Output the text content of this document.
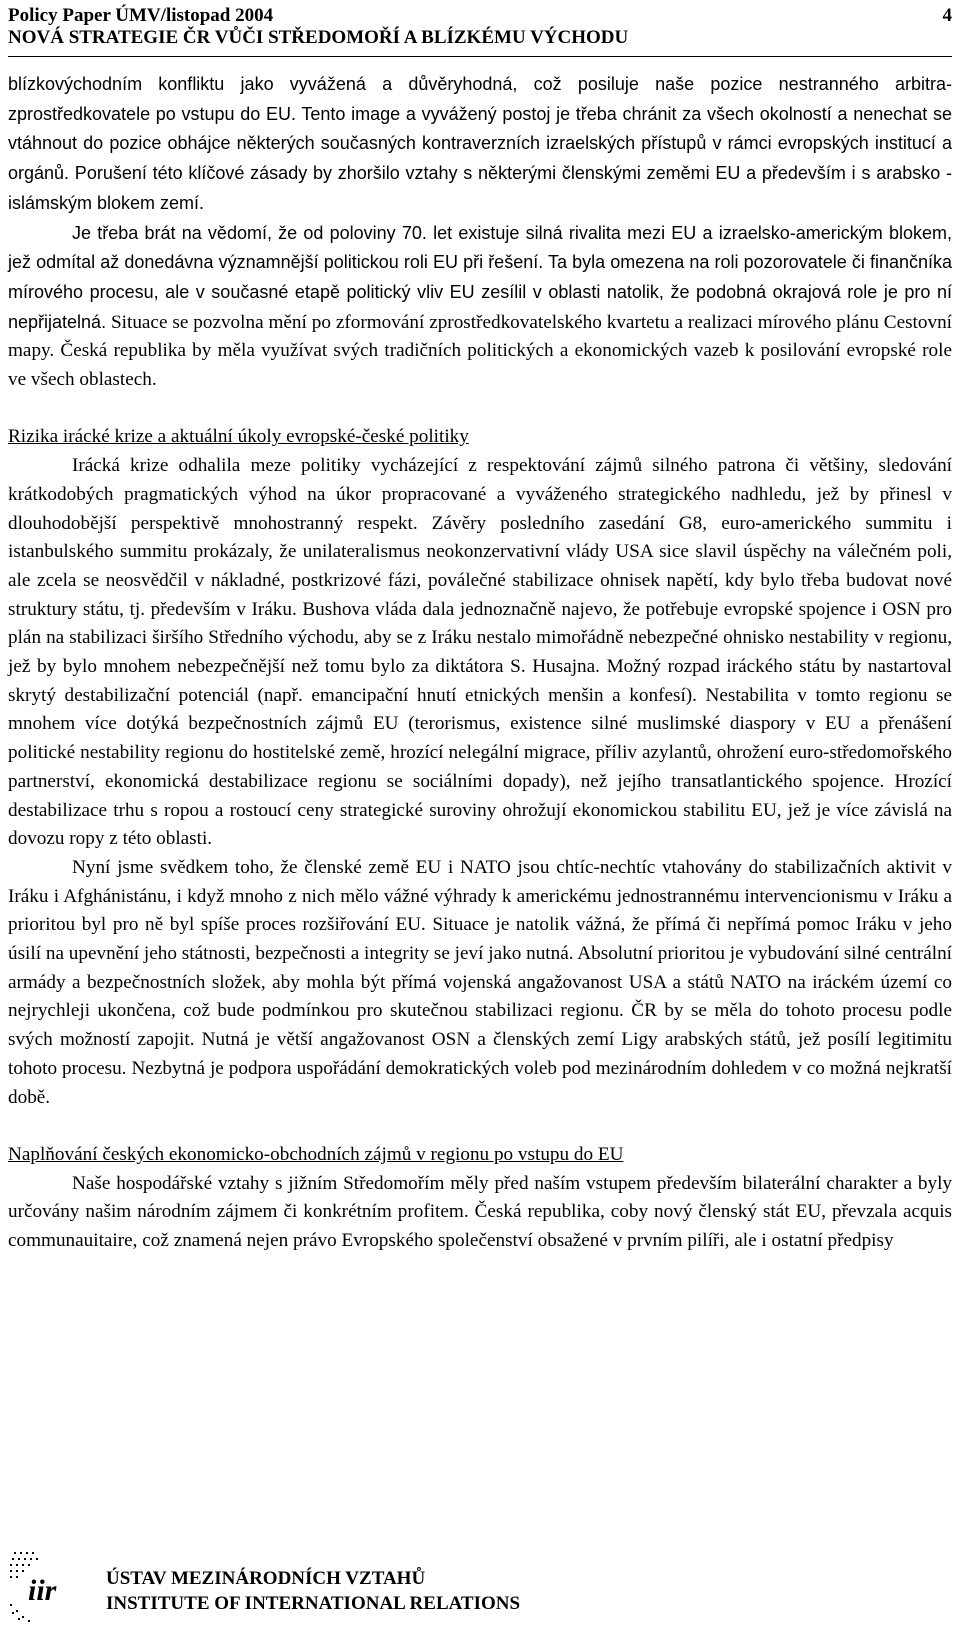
Policy Paper ÚMV/listopad 2004	4
NOVÁ STRATEGIE ČR VŮČI STŘEDOMOŘÍ A BLÍZKÉMU VÝCHODU

blízkovýchodním konfliktu jako vyvážená a důvěryhodná, což posiluje naše pozice nestranného arbitra-zprostředkovatele po vstupu do EU. Tento image a vyvážený postoj je třeba chránit za všech okolností a nenechat se vtáhnout do pozice obhájce některých současných kontraverzních izraelských přístupů v rámci evropských institucí a orgánů. Porušení této klíčové zásady by zhoršilo vztahy s některými členskými zeměmi EU a především i s arabsko - islámským blokem zemí.

Je třeba brát na vědomí, že od poloviny 70. let existuje silná rivalita mezi EU a izraelsko-americkým blokem, jež odmítal až donedávna významnější politickou roli EU při řešení. Ta byla omezena na roli pozorovatele či finančníka mírového procesu, ale v současné etapě politický vliv EU zesílil v oblasti natolik, že podobná okrajová role je pro ní nepřijatelná. Situace se pozvolna mění po zformování zprostředkovatelského kvartetu a realizaci mírového plánu Cestovní mapy. Česká republika by měla využívat svých tradičních politických a ekonomických vazeb k posilování evropské role ve všech oblastech.

Rizika irácké krize a aktuální úkoly evropské-české politiky

Irácká krize odhalila meze politiky vycházející z respektování zájmů silného patrona či většiny, sledování krátkodobých pragmatických výhod na úkor propracované a vyváženého strategického nadhledu, jež by přinesl v dlouhodobější perspektivě mnohostranný respekt. Závěry posledního zasedání G8, euro-amerického summitu i istanbulského summitu prokázaly, že unilateralismus neokonzervativní vlády USA sice slavil úspěchy na válečném poli, ale zcela se neosvědčil v nákladné, postkrizové fázi, poválečné stabilizace ohnisek napětí, kdy bylo třeba budovat nové struktury státu, tj. především v Iráku. Bushova vláda dala jednoznačně najevo, že potřebuje evropské spojence i OSN pro plán na stabilizaci širšího Středního východu, aby se z Iráku nestalo mimořádně nebezpečné ohnisko nestability v regionu, jež by bylo mnohem nebezpečnější než tomu bylo za diktátora S. Husajna. Možný rozpad iráckého státu by nastartoval skrytý destabilizační potenciál (např. emancipační hnutí etnických menšin a konfesí). Nestabilita v tomto regionu se mnohem více dotýká bezpečnostních zájmů EU (terorismus, existence silné muslimské diaspory v EU a přenášení politické nestability regionu do hostitelské země, hrozící nelegální migrace, příliv azylantů, ohrožení euro-středomořského partnerství, ekonomická destabilizace regionu se sociálními dopady), než jejího transatlantického spojence. Hrozící destabilizace trhu s ropou a rostoucí ceny strategické suroviny ohrožují ekonomickou stabilitu EU, jež je více závislá na dovozu ropy z této oblasti.

Nyní jsme svědkem toho, že členské země EU i NATO jsou chtíc-nechtíc vtahovány do stabilizačních aktivit v Iráku i Afghánistánu, i když mnoho z nich mělo vážné výhrady k americkému jednostrannému intervencionismu v Iráku a prioritou byl pro ně byl spíše proces rozšiřování EU. Situace je natolik vážná, že přímá či nepřímá pomoc Iráku v jeho úsilí na upevnění jeho státnosti, bezpečnosti a integrity se jeví jako nutná. Absolutní prioritou je vybudování silné centrální armády a bezpečnostních složek, aby mohla být přímá vojenská angažovanost USA a států NATO na iráckém území co nejrychleji ukončena, což bude podmínkou pro skutečnou stabilizaci regionu. ČR by se měla do tohoto procesu podle svých možností zapojit. Nutná je větší angažovanost OSN a členských zemí Ligy arabských států, jež posílí legitimitu tohoto procesu. Nezbytná je podpora uspořádání demokratických voleb pod mezinárodním dohledem v co možná nejkratší době.

Naplňování českých ekonomicko-obchodních zájmů v regionu po vstupu do EU

Naše hospodářské vztahy s jižním Středomořím měly před naším vstupem především bilaterální charakter a byly určovány našim národním zájmem či konkrétním profitem. Česká republika, coby nový členský stát EU, převzala acquis communauitaire, což znamená nejen právo Evropského společenství obsažené v prvním pilíři, ale i ostatní předpisy

iir	ÚSTAV MEZINÁRODNÍCH VZTAHŮ
INSTITUTE OF INTERNATIONAL RELATIONS
